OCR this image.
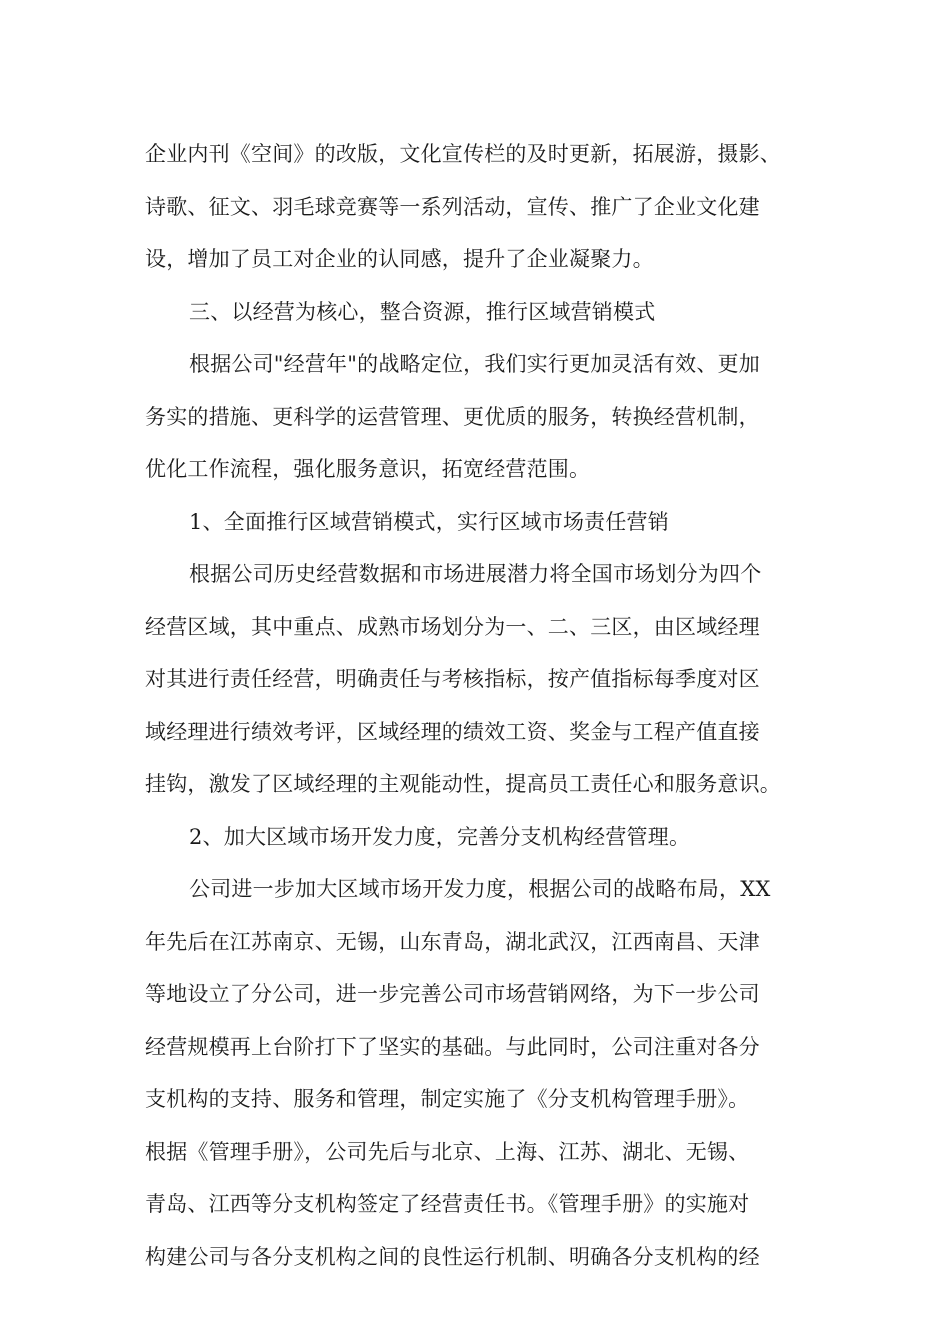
企业内刊《空间》的改版，文化宣传栏的及时更新，拓展游，摄影、
诗歌、征文、羽毛球竞赛等一系列活动，宣传、推广了企业文化建
设，增加了员工对企业的认同感，提升了企业凝聚力。
三、以经营为核心，整合资源，推行区域营销模式
根据公司"经营年"的战略定位，我们实行更加灵活有效、更加
务实的措施、更科学的运营管理、更优质的服务，转换经营机制，
优化工作流程，强化服务意识，拓宽经营范围。
1、全面推行区域营销模式，实行区域市场责任营销
根据公司历史经营数据和市场进展潜力将全国市场划分为四个
经营区域，其中重点、成熟市场划分为一、二、三区，由区域经理
对其进行责任经营，明确责任与考核指标，按产值指标每季度对区
域经理进行绩效考评，区域经理的绩效工资、奖金与工程产值直接
挂钩，激发了区域经理的主观能动性，提高员工责任心和服务意识。
2、加大区域市场开发力度，完善分支机构经营管理。
公司进一步加大区域市场开发力度，根据公司的战略布局，XX
年先后在江苏南京、无锡，山东青岛，湖北武汉，江西南昌、天津
等地设立了分公司，进一步完善公司市场营销网络，为下一步公司
经营规模再上台阶打下了坚实的基础。与此同时，公司注重对各分
支机构的支持、服务和管理，制定实施了《分支机构管理手册》。
根据《管理手册》，公司先后与北京、上海、江苏、湖北、无锡、
青岛、江西等分支机构签定了经营责任书。《管理手册》的实施对
构建公司与各分支机构之间的良性运行机制、明确各分支机构的经
